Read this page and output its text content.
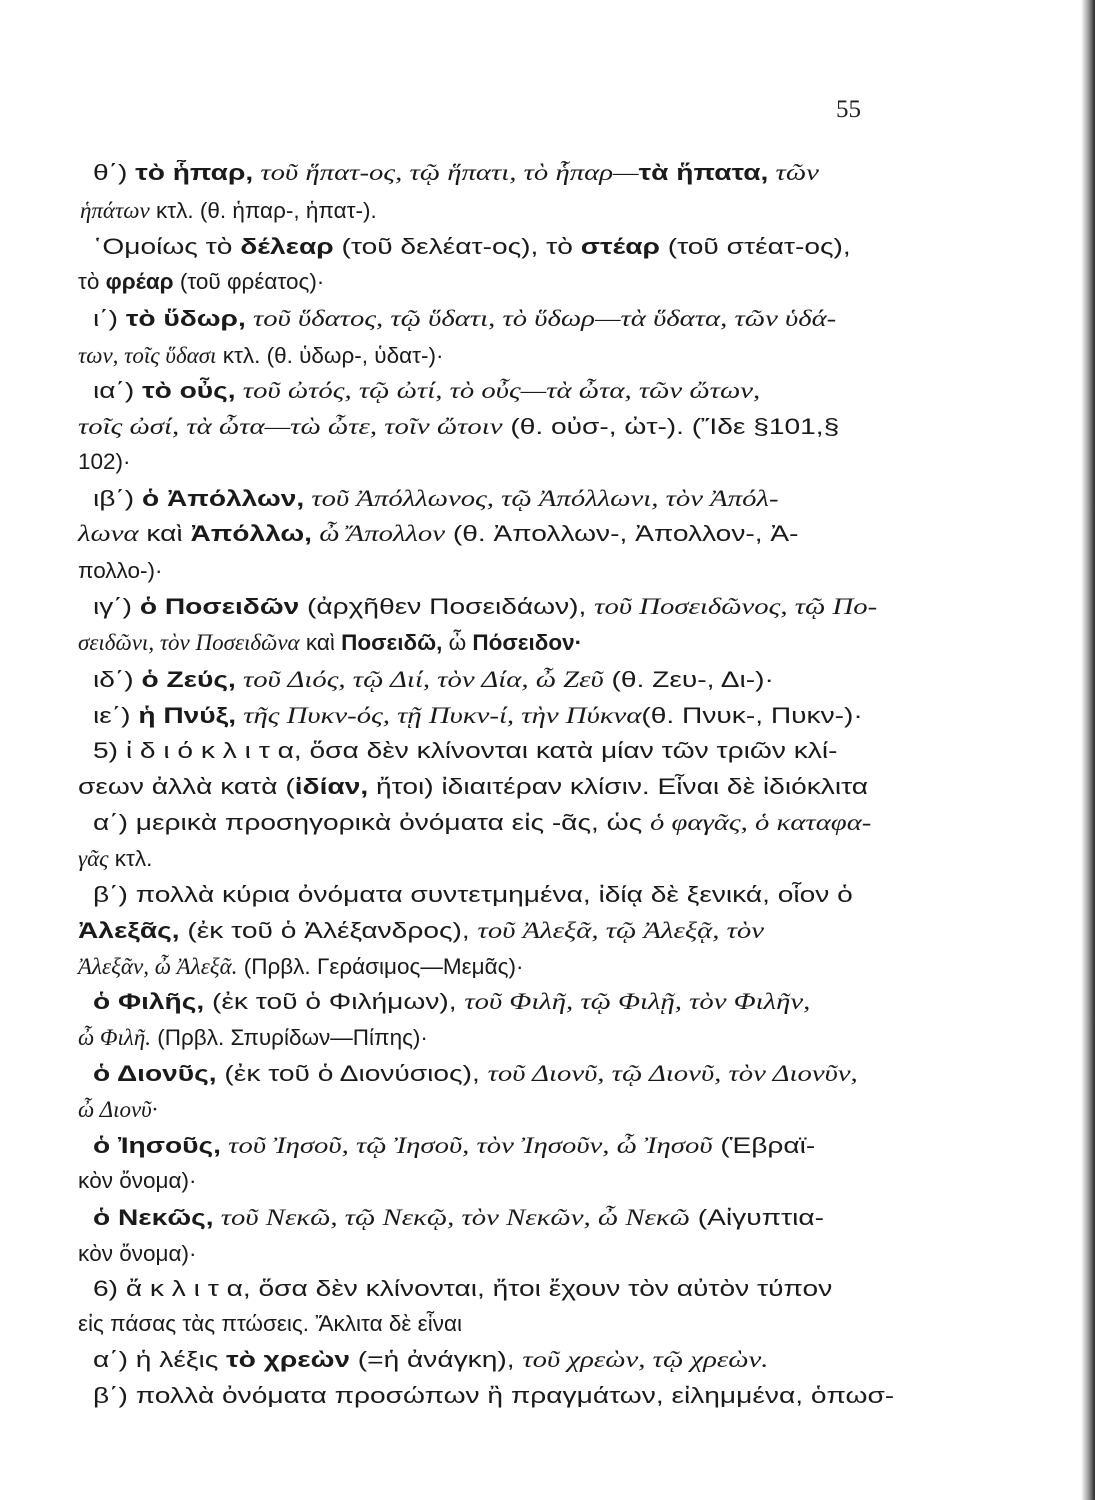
55
θ΄) τὸ ἧπαρ, τοῦ ἥπατ-ος, τῷ ἥπατι, τὸ ἧπαρ—τὰ ἥπατα, τῶν
ἡπάτων κτλ. (θ. ἡπαρ-, ἡπατ-).
῾Ομοίως τὸ δέλεαρ (τοῦ δελέατ-ος), τὸ στέαρ (τοῦ στέατ-ος),
τὸ φρέαρ (τοῦ φρέατος)·
ι΄) τὸ ὕδωρ, τοῦ ὕδατος, τῷ ὕδατι, τὸ ὕδωρ—τὰ ὕδατα, τῶν ὑδά-
των, τοῖς ὕδασι κτλ. (θ. ὑδωρ-, ὑδατ-)·
ια΄) τὸ οὖς, τοῦ ὠτός, τῷ ὠτί, τὸ οὖς—τὰ ὦτα, τῶν ὤτων,
τοῖς ὠσί, τὰ ὦτα—τὼ ὦτε, τοῖν ὤτοιν (θ. οὐσ-, ὠτ-). (Ἴδε §101,§
102)·
ιβ΄) ὁ Ἀπόλλων, τοῦ Ἀπόλλωνος, τῷ Ἀπόλλωνι, τὸν Ἀπόλ-
λωνα καὶ Ἀπόλλω, ὦ Ἄπολλον (θ. Ἀπολλων-, Ἀπολλον-, Ἀ-
πολλο-)·
ιγ΄) ὁ Ποσειδῶν (ἀρχῆθεν Ποσειδάων), τοῦ Ποσειδῶνος, τῷ Πο-
σειδῶνι, τὸν Ποσειδῶνα καὶ Ποσειδῶ, ὦ Πόσειδον·
ιδ΄) ὁ Ζεύς, τοῦ Διός, τῷ Διί, τὸν Δία, ὦ Ζεῦ (θ. Ζευ-, Δι-)·
ιε΄) ἡ Πνύξ, τῆς Πυκν-ός, τῇ Πυκν-ί, τὴν Πύκνα(θ. Πνυκ-, Πυκν-)·
5) ἰ δ ι ό κ λ ι τ α, ὅσα δὲν κλίνονται κατὰ μίαν τῶν τριῶν κλί-
σεων ἀλλὰ κατὰ (ἰδίαν, ἤτοι) ἰδιαιτέραν κλίσιν. Εἶναι δὲ ἰδιόκλιτα
α΄) μερικὰ προσηγορικὰ ὀνόματα εἰς -ᾶς, ὡς ὁ φαγᾶς, ὁ καταφα-
γᾶς κτλ.
β΄) πολλὰ κύρια ὀνόματα συντετμημένα, ἰδίᾳ δὲ ξενικά, οἷον ὁ
Ἀλεξᾶς, (ἐκ τοῦ ὁ Ἀλέξανδρος), τοῦ Ἀλεξᾶ, τῷ Ἀλεξᾷ, τὸν
Ἀλεξᾶν, ὦ Ἀλεξᾶ. (Πρβλ. Γεράσιμος—Μεμᾶς)·
ὁ Φιλῆς, (ἐκ τοῦ ὁ Φιλήμων), τοῦ Φιλῆ, τῷ Φιλῇ, τὸν Φιλῆν,
ὦ Φιλῆ. (Πρβλ. Σπυρίδων—Πίπης)·
ὁ Διονῦς, (ἐκ τοῦ ὁ Διονύσιος), τοῦ Διονῦ, τῷ Διονῦ, τὸν Διονῦν,
ὦ Διονῦ·
ὁ Ἰησοῦς, τοῦ Ἰησοῦ, τῷ Ἰησοῦ, τὸν Ἰησοῦν, ὦ Ἰησοῦ (Ἑβραϊ-
κὸν ὄνομα)·
ὁ Νεκῶς, τοῦ Νεκῶ, τῷ Νεκῷ, τὸν Νεκῶν, ὦ Νεκῶ (Αἰγυπτια-
κὸν ὄνομα)·
6) ἄ κ λ ι τ α, ὅσα δὲν κλίνονται, ἤτοι ἔχουν τὸν αὐτὸν τύπον
εἰς πάσας τὰς πτώσεις. Ἄκλιτα δὲ εἶναι
α΄) ἡ λέξις τὸ χρεὼν (=ἡ ἀνάγκη), τοῦ χρεὼν, τῷ χρεὼν.
β΄) πολλὰ ὀνόματα προσώπων ἢ πραγμάτων, εἰλημμένα, ὁπωσ-
